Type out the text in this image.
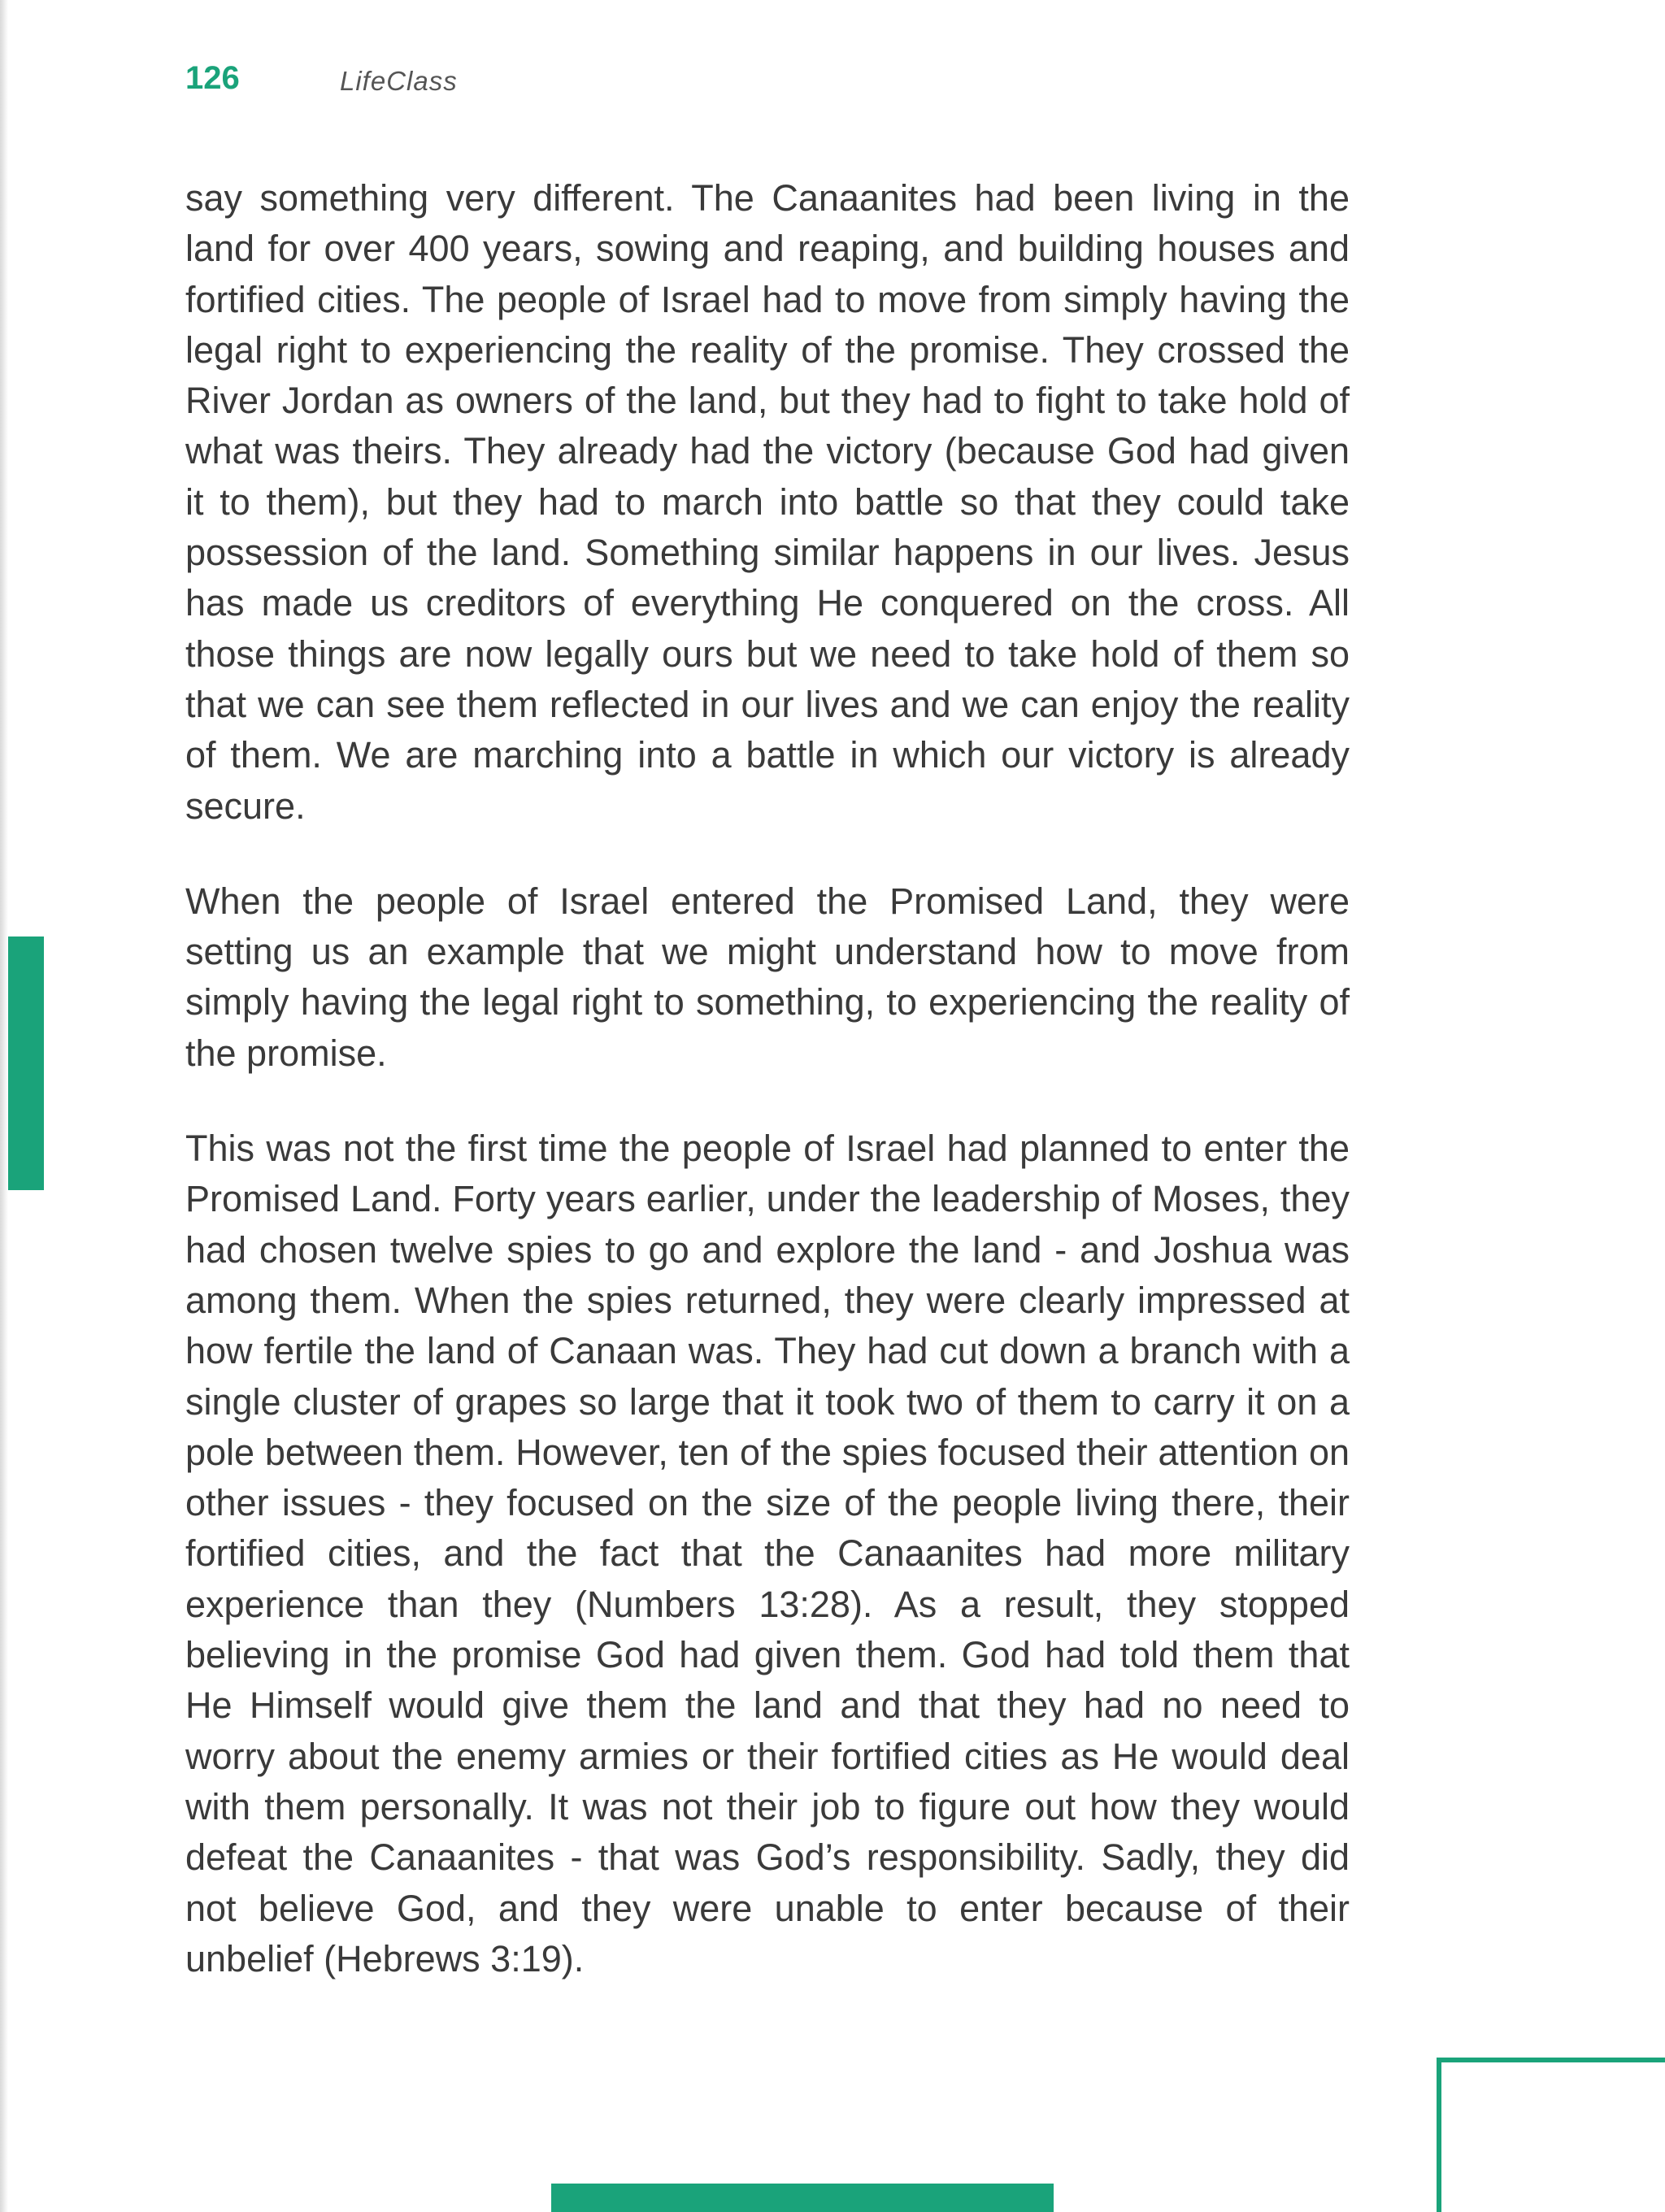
126	LifeClass

say something very different. The Canaanites had been living in the land for over 400 years, sowing and reaping, and building houses and fortified cities. The people of Israel had to move from simply having the legal right to experiencing the reality of the promise. They crossed the River Jordan as owners of the land, but they had to fight to take hold of what was theirs. They already had the victory (because God had given it to them), but they had to march into battle so that they could take possession of the land. Something similar happens in our lives. Jesus has made us creditors of everything He conquered on the cross. All those things are now legally ours but we need to take hold of them so that we can see them reflected in our lives and we can enjoy the reality of them. We are marching into a battle in which our victory is already secure.

When the people of Israel entered the Promised Land, they were setting us an example that we might understand how to move from simply having the legal right to something, to experiencing the reality of the promise.

This was not the first time the people of Israel had planned to enter the Promised Land. Forty years earlier, under the leadership of Moses, they had chosen twelve spies to go and explore the land - and Joshua was among them. When the spies returned, they were clearly impressed at how fertile the land of Canaan was. They had cut down a branch with a single cluster of grapes so large that it took two of them to carry it on a pole between them. However, ten of the spies focused their attention on other issues - they focused on the size of the people living there, their fortified cities, and the fact that the Canaanites had more military experience than they (Numbers 13:28). As a result, they stopped believing in the promise God had given them. God had told them that He Himself would give them the land and that they had no need to worry about the enemy armies or their fortified cities as He would deal with them personally. It was not their job to figure out how they would defeat the Canaanites - that was God’s responsibility. Sadly, they did not believe God, and they were unable to enter because of their unbelief (Hebrews 3:19).
